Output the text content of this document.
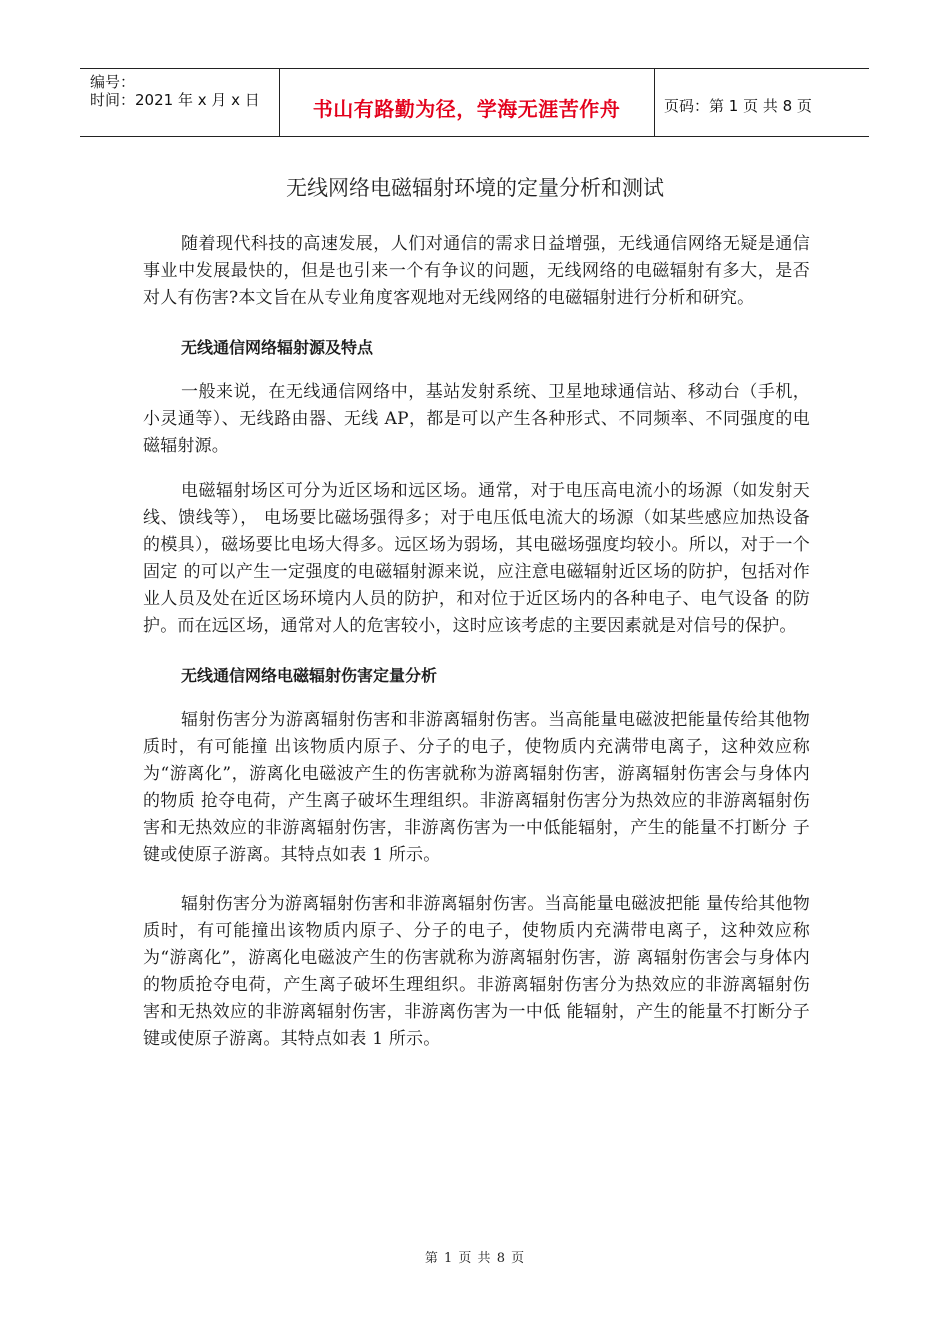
编号：
时间：2021 年 x 月 x 日	书山有路勤为径，学海无涯苦作舟	页码：第 1 页 共 8 页
无线网络电磁辐射环境的定量分析和测试

随着现代科技的高速发展，人们对通信的需求日益增强，无线通信网络无疑是通信事业中发展最快的，但是也引来一个有争议的问题，无线网络的电磁辐射有多大，是否对人有伤害?本文旨在从专业角度客观地对无线网络的电磁辐射进行分析和研究。

无线通信网络辐射源及特点

一般来说，在无线通信网络中，基站发射系统、卫星地球通信站、移动台（手机，小灵通等）、无线路由器、无线 AP，都是可以产生各种形式、不同频率、不同强度的电磁辐射源。

电磁辐射场区可分为近区场和远区场。通常，对于电压高电流小的场源（如发射天线、馈线等）， 电场要比磁场强得多；对于电压低电流大的场源（如某些感应加热设备的模具），磁场要比电场大得多。远区场为弱场，其电磁场强度均较小。所以，对于一个固定 的可以产生一定强度的电磁辐射源来说，应注意电磁辐射近区场的防护，包括对作业人员及处在近区场环境内人员的防护，和对位于近区场内的各种电子、电气设备 的防护。而在远区场，通常对人的危害较小，这时应该考虑的主要因素就是对信号的保护。

无线通信网络电磁辐射伤害定量分析

辐射伤害分为游离辐射伤害和非游离辐射伤害。当高能量电磁波把能量传给其他物质时，有可能撞 出该物质内原子、分子的电子，使物质内充满带电离子，这种效应称为“游离化”，游离化电磁波产生的伤害就称为游离辐射伤害，游离辐射伤害会与身体内的物质 抢夺电荷，产生离子破坏生理组织。非游离辐射伤害分为热效应的非游离辐射伤害和无热效应的非游离辐射伤害，非游离伤害为一中低能辐射，产生的能量不打断分 子键或使原子游离。其特点如表 1 所示。

辐射伤害分为游离辐射伤害和非游离辐射伤害。当高能量电磁波把能 量传给其他物质时，有可能撞出该物质内原子、分子的电子，使物质内充满带电离子，这种效应称为“游离化”，游离化电磁波产生的伤害就称为游离辐射伤害，游 离辐射伤害会与身体内的物质抢夺电荷，产生离子破坏生理组织。非游离辐射伤害分为热效应的非游离辐射伤害和无热效应的非游离辐射伤害，非游离伤害为一中低 能辐射，产生的能量不打断分子键或使原子游离。其特点如表 1 所示。

第 1 页 共 8 页
